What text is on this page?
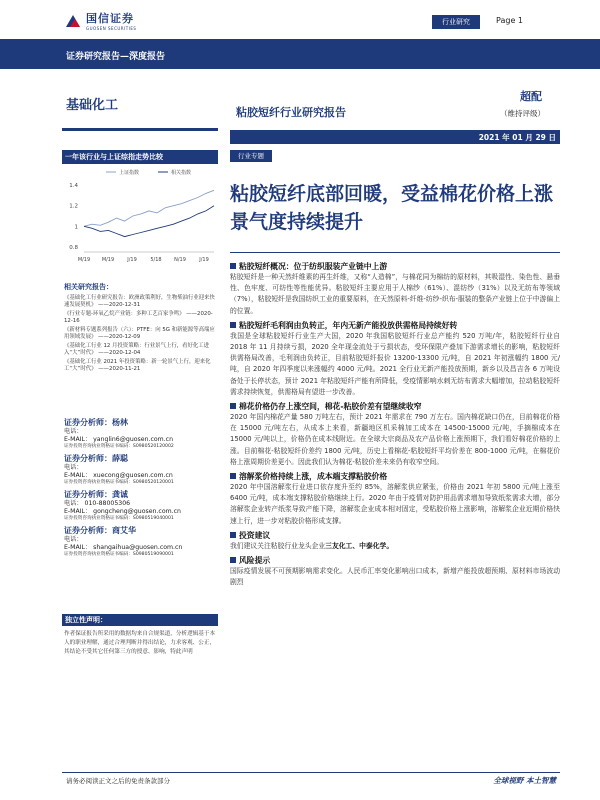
国信证券
GUOSEN SECURITIES
行业研究	Page 1
证券研究报告—深度报告
基础化工	粘胶短纤行业研究报告
超配
（维持评级）
2021 年 01 月 29 日
一年该行业与上证综指走势比较
上证指数	相关指数
1.4
1.2
1
0.8
M/19 M/19	J/19	5/18 N/19	J/19
相关研究报告：
《基础化工行业研究报告：欧洲政策利好，生物柴油行业迎来快速发展契机》 ——2020-12-31
《行业专题-环氧乙烷产业链：多种工艺百家争鸣》 ——2020-12-16
《新材料专题系列报告（六）：PTFE：向 5G 和新能源等高端应用领域发展》 ——2020-12-09
《基础化工行业 12 月投资策略：行业景气上行，看好化工进入“大”时代》 ——2020-12-04
《基础化工行业 2021 年投资策略：新一轮景气上行，迎来化工“大”时代》 ——2020-11-21
证券分析师：杨林
电话：
E-MAIL： yanglin6@guosen.com.cn
证券投资咨询执业资格证书编码：S0980520120002
证券分析师：薛聪
电话：
E-MAIL： xuecong@guosen.com.cn
证券投资咨询执业资格证书编码：S0980520120001
证券分析师：龚诚
电话： 010-88005306
E-MAIL： gongcheng@guosen.com.cn
证券投资咨询执业资格证书编码：S0980519040001
证券分析师：商艾华
电话：
E-MAIL： shangaihua@guosen.com.cn
证券投资咨询执业资格证书编码：S0980519090001
独立性声明：
作者保证报告所采用的数据均来自合规渠道，分析逻辑基于本人的职业理解，通过合理判断并得出结论，力求客观、公正，其结论不受其它任何第三方的授意、影响，特此声明
行业专题
粘胶短纤底部回暖，受益棉花价格上涨景气度持续提升
粘胶短纤概况：位于纺织服装产业链中上游
粘胶短纤是一种天然纤维素的再生纤维，又称“人造棉”，与棉花同为棉纺的原材料，其吸湿性、染色性、悬垂性、色牢度、可纺性等性能优异。粘胶短纤主要应用于人棉纱（61%）、混纺纱（31%）以及无纺布等领域（7%），粘胶短纤是我国纺织工业的重要原料，在天然原料-纤维-纺纱-织布-服装的整条产业链上位于中游偏上的位置。
粘胶短纤毛利润由负转正，年内无新产能投放供需格局持续好转
我国是全球粘胶短纤行业生产大国，2020 年我国粘胶短纤行业总产能约 520 万吨/年，粘胶短纤行业自 2018 年 11 月持续亏损，2020 全年现金流处于亏损状态，受环保限产叠加下游需求增长的影响，粘胶短纤供需格局改善，毛利润由负转正，目前粘胶短纤报价 13200-13300 元/吨，自 2021 年初涨幅约 1800 元/吨，自 2020 年四季度以来涨幅约 4000 元/吨。2021 全行业无新产能投放预期，新乡以及昌吉各 6 万吨设备处于长停状态，预计 2021 年粘胶短纤产能有所降低，受疫情影响水刺无纺布需求大幅增加，拉动粘胶短纤需求持续恢复，供需格局有望进一步改善。
棉花价格仍存上涨空间，棉花-粘胶价差有望继续收窄
2020 年国内棉花产量 580 万吨左右，预计 2021 年需求在 790 万左右。国内棉花缺口仍在，目前棉花价格在 15000 元/吨左右，从成本上来看，新疆地区机采棉加工成本在 14500-15000 元/吨，手摘棉成本在 15000 元/吨以上，价格仍在成本线附近。在全球大宗商品及农产品价格上涨预期下，我们看好棉花价格的上涨。目前棉花-粘胶短纤价差约 1800 元/吨，历史上看棉花-粘胶短纤平均价差在 800-1000 元/吨，在棉花价格上涨周期价差更小。因此我们认为棉花-粘胶价差未来仍有收窄空间。
溶解浆价格持续上涨，成本端支撑粘胶价格
2020 年中国溶解浆行业进口依存度升至约 85%，溶解浆供应紧张，价格由 2021 年初 5800 元/吨上涨至 6400 元/吨，成本端支撑粘胶价格继续上行。2020 年由于疫情对防护用品需求增加导致纸浆需求大增，部分溶解浆企业转产纸浆导致产能下降，溶解浆企业成本相对固定，受粘胶价格上涨影响，溶解浆企业近期价格快速上行，进一步对粘胶价格形成支撑。
投资建议
我们建议关注粘胶行业龙头企业三友化工、中泰化学。
风险提示
国际疫情发展不可预期影响需求变化。人民币汇率变化影响出口成本，新增产能投放超预期、原材料市场波动剧烈
请务必阅读正文之后的免责条款部分	全球视野 本土智慧
